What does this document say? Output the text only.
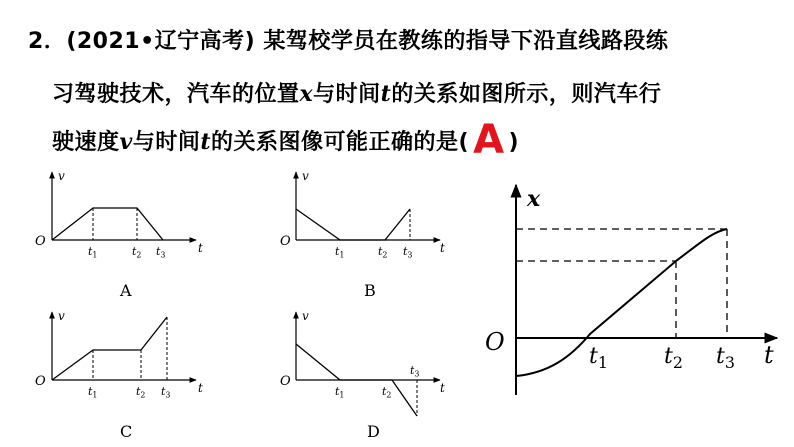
2．(2021•辽宁高考) 某驾校学员在教练的指导下沿直线路段练
习驾驶技术，汽车的位置x与时间t的关系如图所示，则汽车行
驶速度v与时间t的关系图像可能正确的是( A )
O
v
t
$t_1$	$t_2$ $t_3$
A
O
v
t
$t_1$	$t_2$ $t_3$
B
O
v
t
$t_1$	$t_2$ $t_3$
C
O
v
t
$t_1$	$t_2$
$t_3$
D
x
O	t
$t_1$	$t_2$ $t_3$
